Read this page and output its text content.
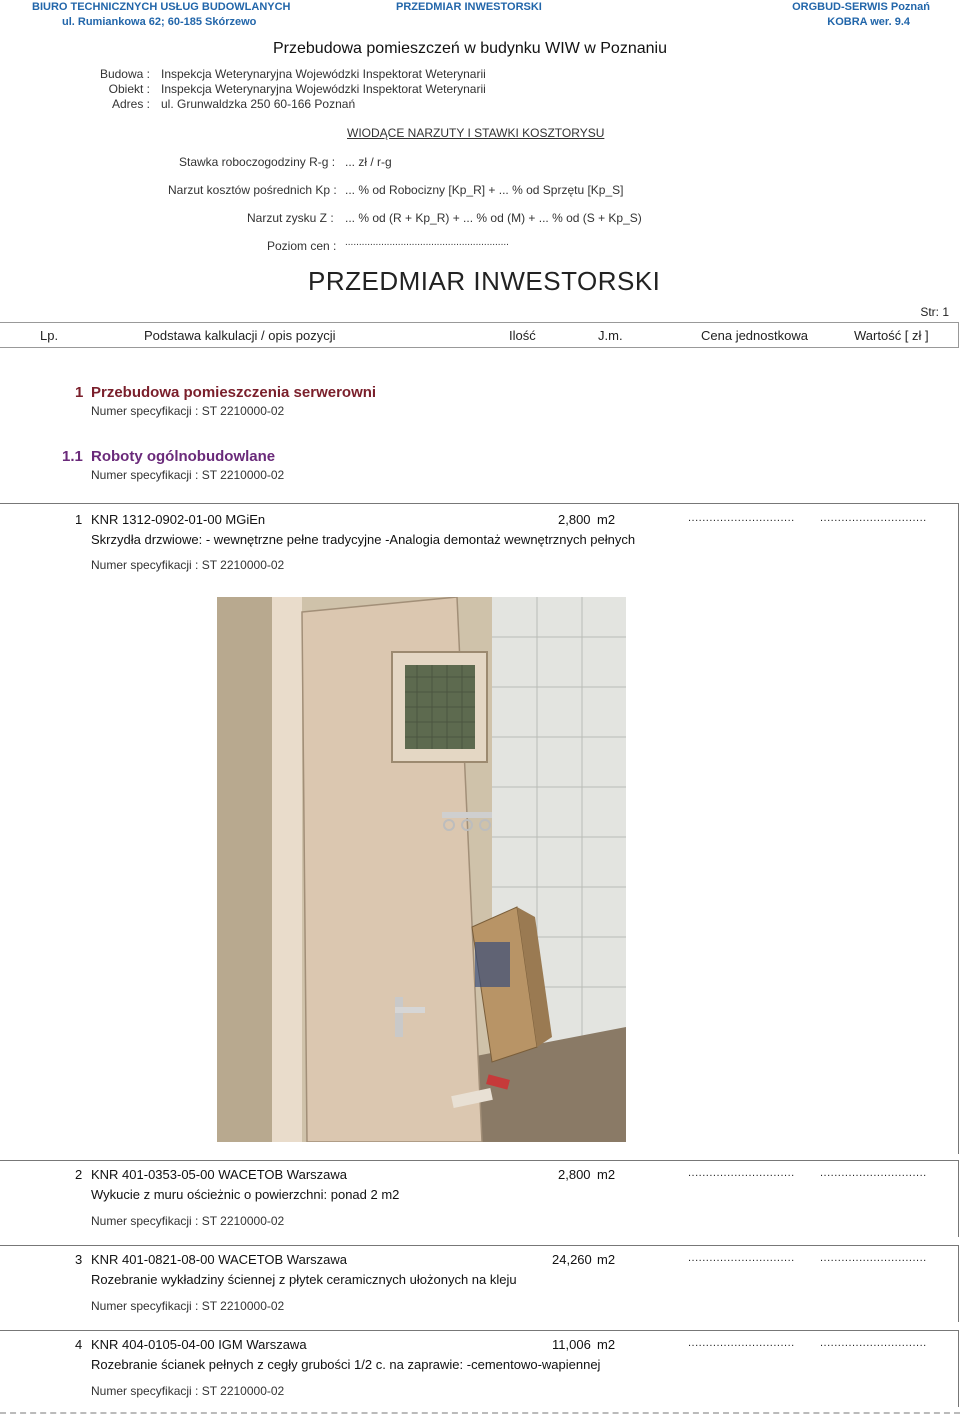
BIURO TECHNICZNYCH USŁUG BUDOWLANYCH
ul. Rumiankowa 62; 60-185 Skórzewo
PRZEDMIAR INWESTORSKI	ORGBUD-SERWIS Poznań
KOBRA wer. 9.4
Przebudowa pomieszczeń w budynku WIW w Poznaniu
Budowa : Inspekcja Weterynaryjna Wojewódzki Inspektorat Weterynarii
Obiekt : Inspekcja Weterynaryjna Wojewódzki Inspektorat Weterynarii
Adres : ul. Grunwaldzka 250 60-166 Poznań
WIODĄCE NARZUTY I STAWKI KOSZTORYSU
Stawka roboczogodziny R-g : ... zł / r-g
Narzut kosztów pośrednich Kp : ... % od Robocizny [Kp_R] + ... % od Sprzętu [Kp_S]
Narzut zysku Z : ... % od (R + Kp_R) + ... % od (M) + ... % od (S + Kp_S)
Poziom cen : ...........................................................
PRZEDMIAR INWESTORSKI
Str: 1
Lp.	Podstawa kalkulacji / opis pozycji	Ilość	J.m.	Cena jednostkowa	Wartość [ zł ]
1 Przebudowa pomieszczenia serwerowni
Numer specyfikacji : ST 2210000-02
1.1 Roboty ogólnobudowlane
Numer specyfikacji : ST 2210000-02
1 KNR 1312-0902-01-00 MGiEn	2,800 m2	.............................. ..............................
Skrzydła drzwiowe: - wewnętrzne pełne tradycyjne -Analogia demontaż wewnętrznych pełnych
Numer specyfikacji : ST 2210000-02
2 KNR 401-0353-05-00 WACETOB Warszawa	2,800 m2	.............................. ..............................
Wykucie z muru ościeżnic o powierzchni: ponad 2 m2
Numer specyfikacji : ST 2210000-02
3 KNR 401-0821-08-00 WACETOB Warszawa	24,260 m2	.............................. ..............................
Rozebranie wykładziny ściennej z płytek ceramicznych ułożonych na kleju
Numer specyfikacji : ST 2210000-02
4 KNR 404-0105-04-00 IGM Warszawa	11,006 m2	.............................. ..............................
Rozebranie ścianek pełnych z cegły grubości 1/2 c. na zaprawie: -cementowo-wapiennej
Numer specyfikacji : ST 2210000-02
